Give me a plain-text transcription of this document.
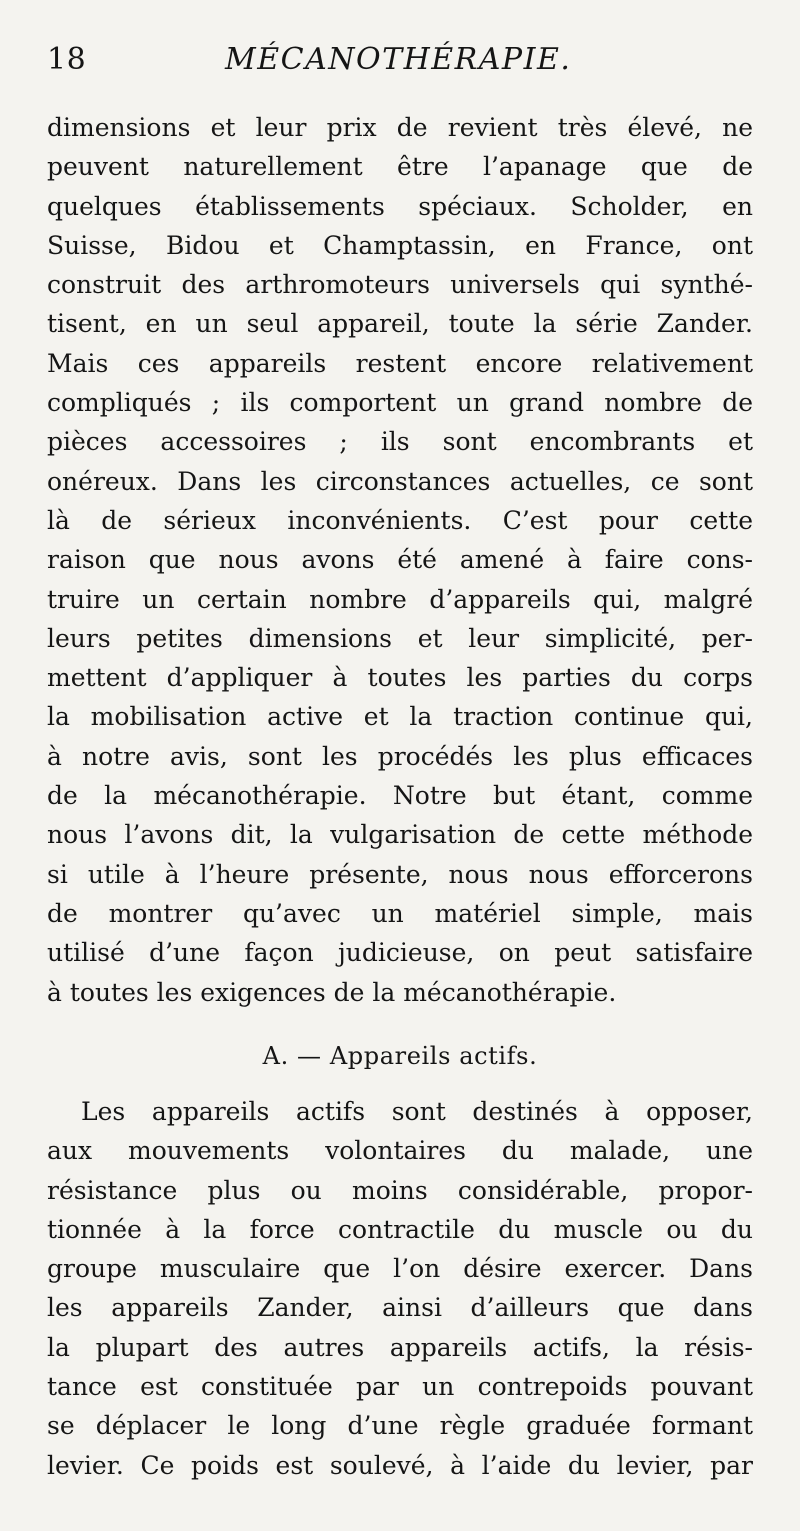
18	MÉCANOTHÉRAPIE.
dimensions et leur prix de revient très élevé, ne
peuvent naturellement être l’apanage que de
quelques établissements spéciaux. Scholder, en
Suisse, Bidou et Champtassin, en France, ont
construit des arthromoteurs universels qui synthé-
tisent, en un seul appareil, toute la série Zander.
Mais ces appareils restent encore relativement
compliqués ; ils comportent un grand nombre de
pièces accessoires ; ils sont encombrants et
onéreux. Dans les circonstances actuelles, ce sont
là de sérieux inconvénients. C’est pour cette
raison que nous avons été amené à faire cons-
truire un certain nombre d’appareils qui, malgré
leurs petites dimensions et leur simplicité, per-
mettent d’appliquer à toutes les parties du corps
la mobilisation active et la traction continue qui,
à notre avis, sont les procédés les plus efficaces
de la mécanothérapie. Notre but étant, comme
nous l’avons dit, la vulgarisation de cette méthode
si utile à l’heure présente, nous nous efforcerons
de montrer qu’avec un matériel simple, mais
utilisé d’une façon judicieuse, on peut satisfaire
à toutes les exigences de la mécanothérapie.
A. — Appareils actifs.
Les appareils actifs sont destinés à opposer,
aux mouvements volontaires du malade, une
résistance plus ou moins considérable, propor-
tionnée à la force contractile du muscle ou du
groupe musculaire que l’on désire exercer. Dans
les appareils Zander, ainsi d’ailleurs que dans
la plupart des autres appareils actifs, la résis-
tance est constituée par un contrepoids pouvant
se déplacer le long d’une règle graduée formant
levier. Ce poids est soulevé, à l’aide du levier, par
